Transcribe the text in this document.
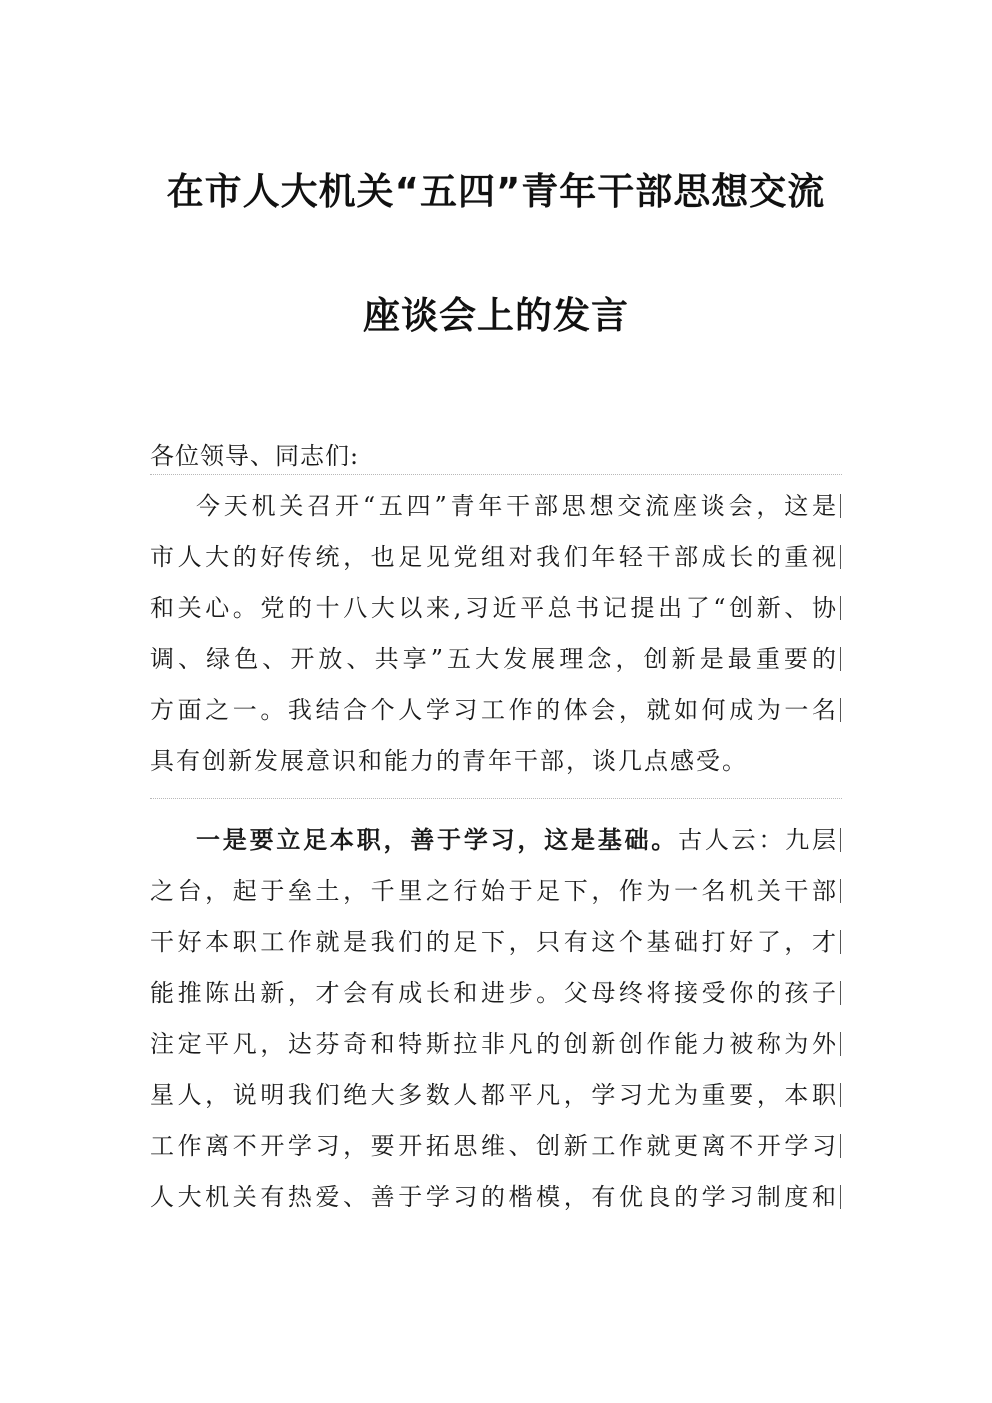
在市人大机关“五四”青年干部思想交流
座谈会上的发言
各位领导、同志们:
今天机关召开“五四”青年干部思想交流座谈会，这是
市人大的好传统，也足见党组对我们年轻干部成长的重视
和关心。党的十八大以来,习近平总书记提出了“创新、协
调、绿色、开放、共享”五大发展理念，创新是最重要的
方面之一。我结合个人学习工作的体会，就如何成为一名
具有创新发展意识和能力的青年干部，谈几点感受。
一是要立足本职，善于学习，这是基础。古人云：九层
之台，起于垒土，千里之行始于足下，作为一名机关干部
干好本职工作就是我们的足下，只有这个基础打好了，才
能推陈出新，才会有成长和进步。父母终将接受你的孩子
注定平凡，达芬奇和特斯拉非凡的创新创作能力被称为外
星人，说明我们绝大多数人都平凡，学习尤为重要，本职
工作离不开学习，要开拓思维、创新工作就更离不开学习
人大机关有热爱、善于学习的楷模，有优良的学习制度和
